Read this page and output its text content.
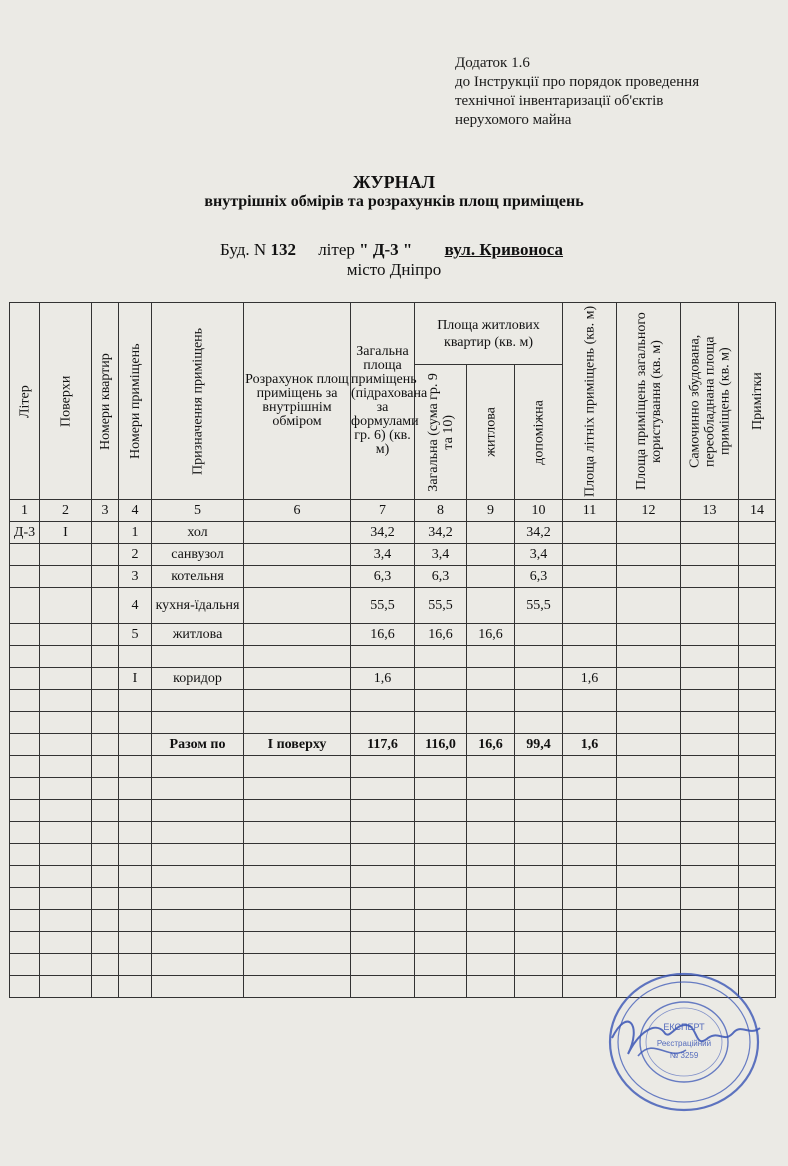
Додаток 1.6
до Інструкції про порядок проведення
технічної інвентаризації об'єктів
нерухомого майна
ЖУРНАЛ
внутрішніх обмірів та розрахунків площ приміщень
Буд. N 132 літер " Д-3 " вул. Кривоноса
місто Дніпро
Літер	Поверхи	Номери квартир	Номери приміщень	Призначення приміщень	Розрахунок площ приміщень за внутрішнім обміром	Загальна площа приміщень (підрахована за формулами гр. 6) (кв. м)	Площа житлових квартир (кв. м)			Площа літніх приміщень (кв. м)	Площа приміщень загального користування (кв. м)	Самочинно збудована, переобладнана площа приміщень (кв. м)	Примітки
							Загальна (сума гр. 9 та 10)	житлова	допоміжна				
1	2	3	4	5	6	7	8	9	10	11	12	13	14
Д-3	I		1	хол		34,2	34,2		34,2				
			2	санвузол		3,4	3,4		3,4				
			3	котельня		6,3	6,3		6,3				
			4	кухня-їдальня		55,5	55,5		55,5				
			5	житлова		16,6	16,6	16,6					

			I	коридор		1,6				1,6			

				Разом по	I поверху	117,6	116,0	16,6	99,4	1,6			

ЕКСПЕРТ
Реєстраційний
№ 3259
